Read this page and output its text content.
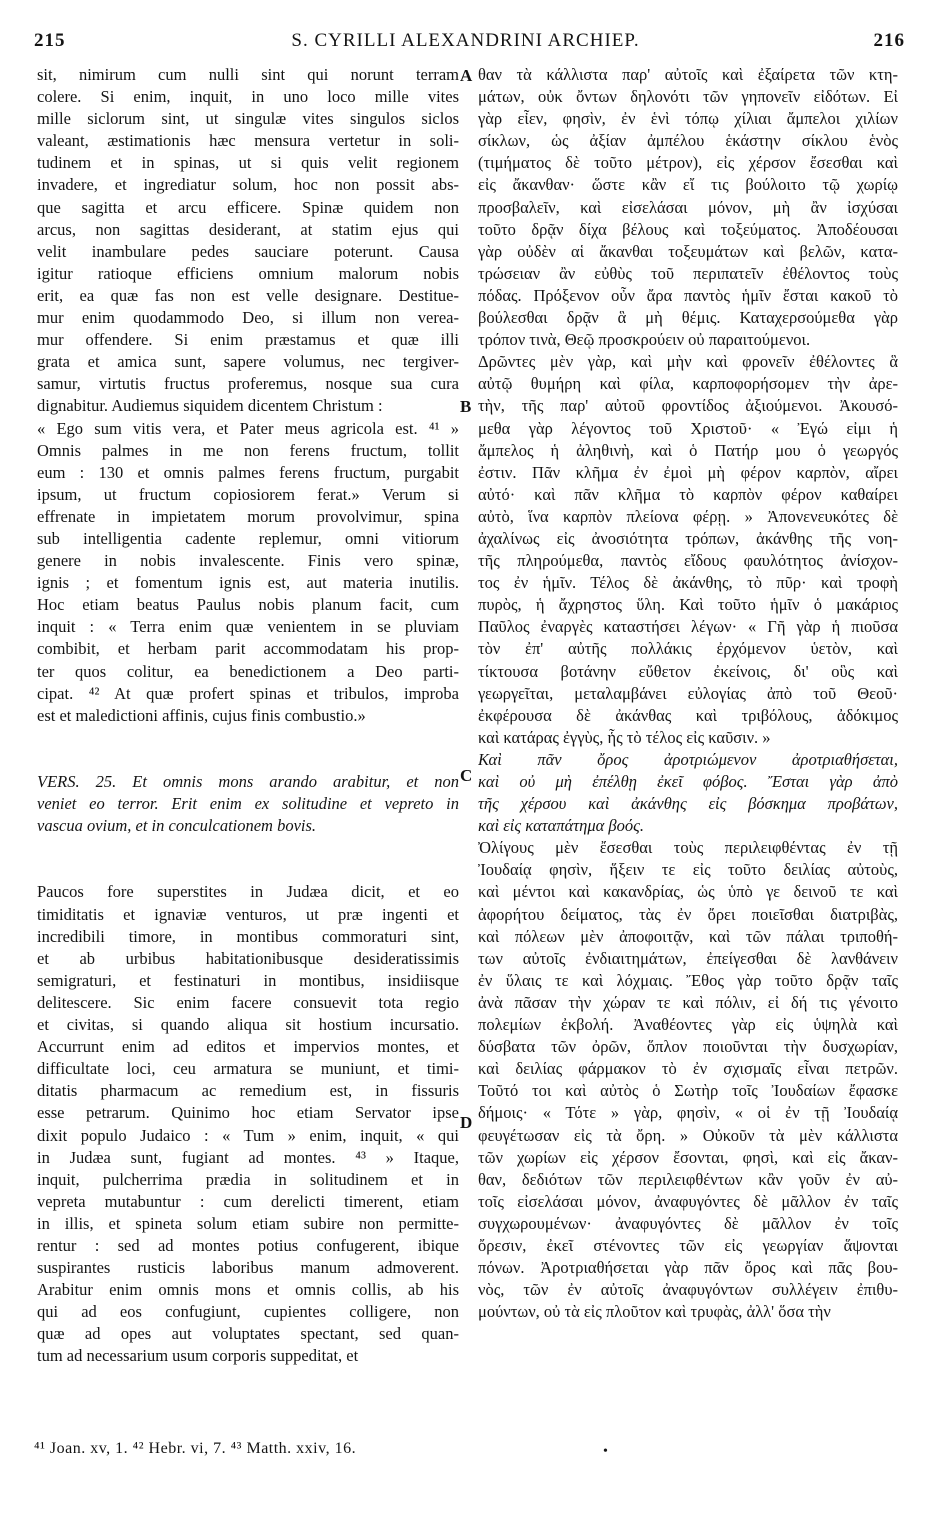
215	S. CYRILLI ALEXANDRINI ARCHIEP.	216
sit, nimirum cum nulli sint qui norunt terram
colere. Si enim, inquit, in uno loco mille vites
mille siclorum sint, ut singulæ vites singulos siclos
valeant, æstimationis hæc mensura vertetur in soli-
tudinem et in spinas, ut si quis velit regionem
invadere, et ingrediatur solum, hoc non possit abs-
que sagitta et arcu efficere. Spinæ quidem non
arcus, non sagittas desiderant, at statim ejus qui
velit inambulare pedes sauciare poterunt. Causa
igitur ratioque efficiens omnium malorum nobis
erit, ea quæ fas non est velle designare. Destitue-
mur enim quodammodo Deo, si illum non verea-
mur offendere. Si enim præstamus et quæ illi
grata et amica sunt, sapere volumus, nec tergiver-
samur, virtutis fructus proferemus, nosque sua cura
dignabitur. Audiemus siquidem dicentem Christum :
« Ego sum vitis vera, et Pater meus agricola est. ⁴¹ »
Omnis palmes in me non ferens fructum, tollit
eum : 130 et omnis palmes ferens fructum, purgabit
ipsum, ut fructum copiosiorem ferat.» Verum si
effrenate in impietatem morum provolvimur, spina
sub intelligentia cadente replemur, omni vitiorum
genere in nobis invalescente. Finis vero spinæ,
ignis ; et fomentum ignis est, aut materia inutilis.
Hoc etiam beatus Paulus nobis planum facit, cum
inquit : « Terra enim quæ venientem in se pluviam
combibit, et herbam parit accommodatam his prop-
ter quos colitur, ea benedictionem a Deo parti-
cipat. ⁴² At quæ profert spinas et tribulos, improba
est et maledictioni affinis, cujus finis combustio.»
VERS. 25. Et omnis mons arando arabitur, et non
veniet eo terror. Erit enim ex solitudine et vepreto in
vascua ovium, et in conculcationem bovis.
Paucos fore superstites in Judæa dicit, et eo
timiditatis et ignaviæ venturos, ut præ ingenti et
incredibili timore, in montibus commoraturi sint,
et ab urbibus habitationibusque desideratissimis
semigraturi, et festinaturi in montibus, insidiisque
delitescere. Sic enim facere consuevit tota regio
et civitas, si quando aliqua sit hostium incursatio.
Accurrunt enim ad editos et impervios montes, et
difficultate loci, ceu armatura se muniunt, et timi-
ditatis pharmacum ac remedium est, in fissuris
esse petrarum. Quinimo hoc etiam Servator ipse
dixit populo Judaico : « Tum » enim, inquit, « qui
in Judæa sunt, fugiant ad montes. ⁴³ » Itaque,
inquit, pulcherrima prædia in solitudinem et in
vepreta mutabuntur : cum derelicti timerent, etiam
in illis, et spineta solum etiam subire non permitte-
rentur : sed ad montes potius confugerent, ibique
suspirantes rusticis laboribus manum admoverent.
Arabitur enim omnis mons et omnis collis, ab his
qui ad eos confugiunt, cupientes colligere, non
quæ ad opes aut voluptates spectant, sed quan-
tum ad necessarium usum corporis suppeditat, et
θαν τὰ κάλλιστα παρ' αὐτοῖς καὶ ἐξαίρετα τῶν κτη-
μάτων, οὐκ ὄντων δηλονότι τῶν γηπονεῖν εἰδότων. Εἰ
γὰρ εἶεν, φησὶν, ἐν ἑνὶ τόπῳ χίλιαι ἄμπελοι χιλίων
σίκλων, ὡς ἀξίαν ἀμπέλου ἑκάστην σίκλου ἑνὸς
(τιμήματος δὲ τοῦτο μέτρον), εἰς χέρσον ἔσεσθαι καὶ
εἰς ἄκανθαν· ὥστε κἂν εἴ τις βούλοιτο τῷ χωρίῳ
προσβαλεῖν, καὶ εἰσελάσαι μόνον, μὴ ἂν ἰσχύσαι
τοῦτο δρᾷν δίχα βέλους καὶ τοξεύματος. Ἀποδέουσαι
γὰρ οὐδὲν αἱ ἄκανθαι τοξευμάτων καὶ βελῶν, κατα-
τρώσειαν ἂν εὐθὺς τοῦ περιπατεῖν ἐθέλοντος τοὺς
πόδας. Πρόξενον οὖν ἄρα παντὸς ἡμῖν ἔσται κακοῦ τὸ
βούλεσθαι δρᾷν ἃ μὴ θέμις. Καταχερσούμεθα γὰρ
τρόπον τινὰ, Θεῷ προσκρούειν οὐ παραιτούμενοι.
Δρῶντες μὲν γὰρ, καὶ μὴν καὶ φρονεῖν ἐθέλοντες ἃ
αὐτῷ θυμήρη καὶ φίλα, καρποφορήσομεν τὴν ἀρε-
τὴν, τῆς παρ' αὐτοῦ φροντίδος ἀξιούμενοι. Ἀκουσό-
μεθα γὰρ λέγοντος τοῦ Χριστοῦ· « Ἐγώ εἰμι ἡ
ἄμπελος ἡ ἀληθινὴ, καὶ ὁ Πατήρ μου ὁ γεωργός
ἐστιν. Πᾶν κλῆμα ἐν ἐμοὶ μὴ φέρον καρπὸν, αἴρει
αὐτό· καὶ πᾶν κλῆμα τὸ καρπὸν φέρον καθαίρει
αὐτὸ, ἵνα καρπὸν πλείονα φέρῃ. » Ἀπονενευκότες δὲ
ἀχαλίνως εἰς ἀνοσιότητα τρόπων, ἀκάνθης τῆς νοη-
τῆς πληρούμεθα, παντὸς εἴδους φαυλότητος ἀνίσχον-
τος ἐν ἡμῖν. Τέλος δὲ ἀκάνθης, τὸ πῦρ· καὶ τροφὴ
πυρὸς, ἡ ἄχρηστος ὕλη. Καὶ τοῦτο ἡμῖν ὁ μακάριος
Παῦλος ἐναργὲς καταστήσει λέγων· « Γῆ γὰρ ἡ πιοῦσα
τὸν ἐπ' αὐτῆς πολλάκις ἐρχόμενον ὑετὸν, καὶ
τίκτουσα βοτάνην εὔθετον ἐκείνοις, δι' οὓς καὶ
γεωργεῖται, μεταλαμβάνει εὐλογίας ἀπὸ τοῦ Θεοῦ·
ἐκφέρουσα δὲ ἀκάνθας καὶ τριβόλους, ἀδόκιμος
καὶ κατάρας ἐγγὺς, ἧς τὸ τέλος εἰς καῦσιν. »
Καὶ πᾶν ὄρος ἀροτριώμενον ἀροτριαθήσεται,
καὶ οὐ μὴ ἐπέλθῃ ἐκεῖ φόβος. Ἔσται γὰρ ἀπὸ
τῆς χέρσου καὶ ἀκάνθης εἰς βόσκημα προβάτων,
καὶ εἰς καταπάτημα βοός.
Ὀλίγους μὲν ἔσεσθαι τοὺς περιλειφθέντας ἐν τῇ
Ἰουδαίᾳ φησὶν, ἥξειν τε εἰς τοῦτο δειλίας αὐτοὺς,
καὶ μέντοι καὶ κακανδρίας, ὡς ὑπὸ γε δεινοῦ τε καὶ
ἀφορήτου δείματος, τὰς ἐν ὄρει ποιεῖσθαι διατριβὰς,
καὶ πόλεων μὲν ἀποφοιτᾷν, καὶ τῶν πάλαι τριποθή-
των αὐτοῖς ἐνδιαιτημάτων, ἐπείγεσθαι δὲ λανθάνειν
ἐν ὕλαις τε καὶ λόχμαις. Ἔθος γὰρ τοῦτο δρᾷν ταῖς
ἀνὰ πᾶσαν τὴν χώραν τε καὶ πόλιν, εἰ δή τις γένοιτο
πολεμίων ἐκβολή. Ἀναθέοντες γὰρ εἰς ὑψηλὰ καὶ
δύσβατα τῶν ὀρῶν, ὅπλον ποιοῦνται τὴν δυσχωρίαν,
καὶ δειλίας φάρμακον τὸ ἐν σχισμαῖς εἶναι πετρῶν.
Τοῦτό τοι καὶ αὐτὸς ὁ Σωτὴρ τοῖς Ἰουδαίων ἔφασκε
δήμοις· « Τότε » γὰρ, φησὶν, « οἱ ἐν τῇ Ἰουδαίᾳ
φευγέτωσαν εἰς τὰ ὄρη. » Οὐκοῦν τὰ μὲν κάλλιστα
τῶν χωρίων εἰς χέρσον ἔσονται, φησὶ, καὶ εἰς ἄκαν-
θαν, δεδιότων τῶν περιλειφθέντων κἂν γοῦν ἐν αὐ-
τοῖς εἰσελάσαι μόνον, ἀναφυγόντες δὲ μᾶλλον ἐν ταῖς
συγχωρουμένων· ἀναφυγόντες δὲ μᾶλλον ἐν τοῖς
ὄρεσιν, ἐκεῖ στένοντες τῶν εἰς γεωργίαν ἅψονται
πόνων. Ἀροτριαθήσεται γὰρ πᾶν ὄρος καὶ πᾶς βου-
νὸς, τῶν ἐν αὐτοῖς ἀναφυγόντων συλλέγειν ἐπιθυ-
μούντων, οὐ τὰ εἰς πλοῦτον καὶ τρυφὰς, ἀλλ' ὅσα τὴν
A
B
C
D
⁴¹ Joan. xv, 1. ⁴² Hebr. vi, 7. ⁴³ Matth. xxiv, 16.	•
